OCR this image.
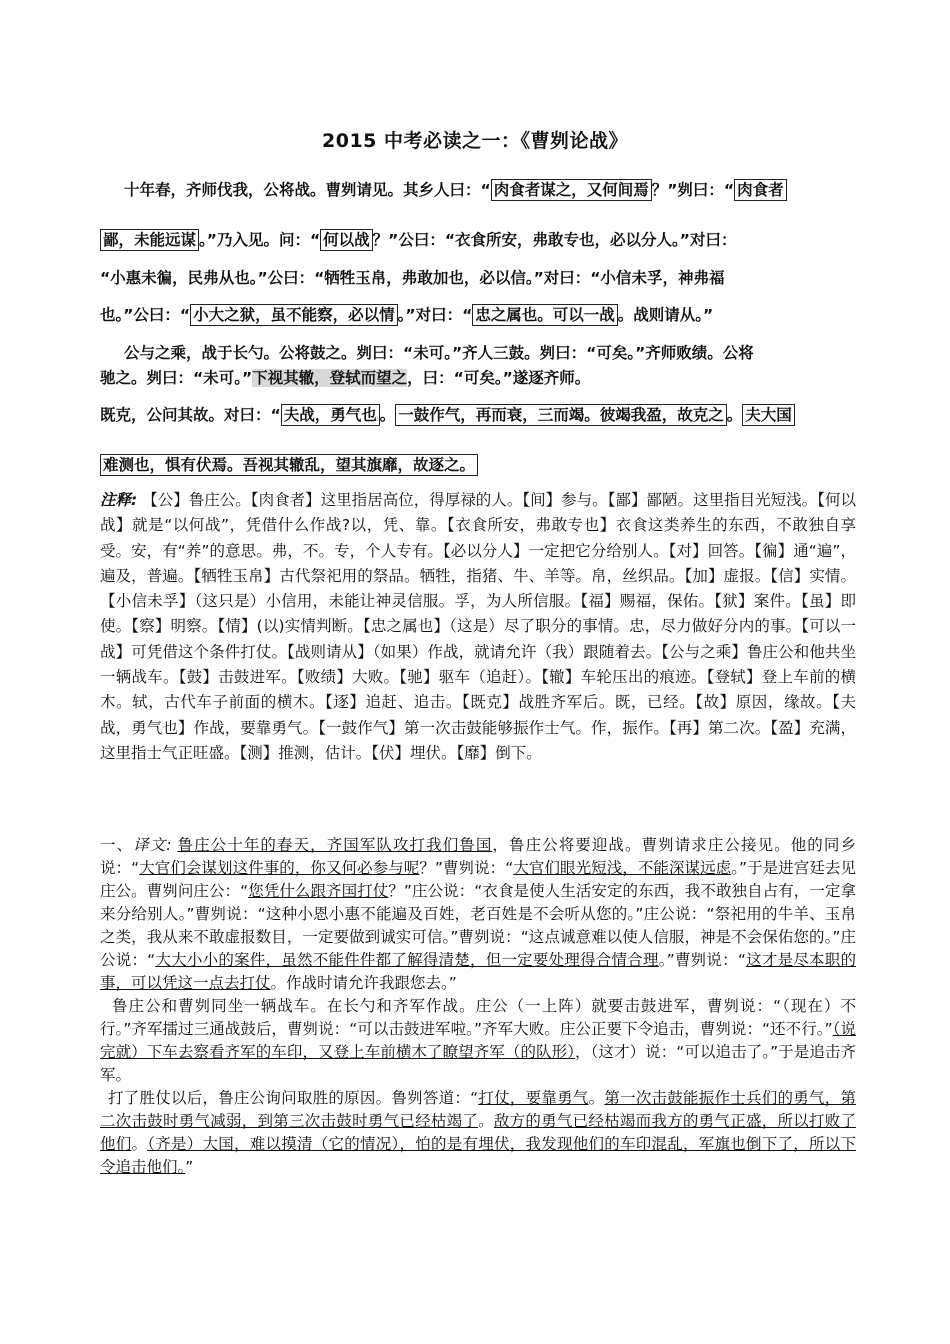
2015 中考必读之一：《曹刿论战》
十年春，齐师伐我，公将战。曹刿请见。其乡人曰：“ 肉食者谋之，又何间焉 ？”刿曰：“ 肉食者
鄙，未能远谋 。”乃入见。问：“ 何以战 ？”公曰：“衣食所安，弗敢专也，必以分人。”对曰：
“小惠未徧，民弗从也。”公曰：“牺牲玉帛，弗敢加也，必以信。”对曰：“小信未孚，神弗福
也。”公曰：“ 小大之狱，虽不能察，必以情 。”对曰：“ 忠之属也。可以一战 。战则请从。”
公与之乘，战于长勺。公将鼓之。刿曰：“未可。”齐人三鼓。刿曰：“可矣。”齐师败绩。公将
驰之。刿曰：“未可。”下视其辙，登轼而望之，曰：“可矣。”遂逐齐师。
既克，公问其故。对曰：“ 夫战，勇气也 。 一鼓作气，再而衰，三而竭。彼竭我盈，故克之 。 夫大国
难测也，惧有伏焉。吾视其辙乱，望其旗靡，故逐之。
注释: 【公】鲁庄公。【肉食者】这里指居高位，得厚禄的人。【间】参与。【鄙】鄙陋。这里指目光短浅。【何以战】就是“以何战”，凭借什么作战?以，凭、靠。【衣食所安，弗敢专也】衣食这类养生的东西，不敢独自享受。安，有“养”的意思。弗，不。专，个人专有。【必以分人】一定把它分给别人。【对】回答。【徧】通“遍”，遍及，普遍。【牺牲玉帛】古代祭祀用的祭品。牺牲，指猪、牛、羊等。帛，丝织品。【加】虚报。【信】实情。【小信未孚】（这只是）小信用，未能让神灵信服。孚，为人所信服。【福】赐福，保佑。【狱】案件。【虽】即使。【察】明察。【情】(以)实情判断。【忠之属也】（这是）尽了职分的事情。忠，尽力做好分内的事。【可以一战】可凭借这个条件打仗。【战则请从】（如果）作战，就请允许（我）跟随着去。【公与之乘】鲁庄公和他共坐一辆战车。【鼓】击鼓进军。【败绩】大败。【驰】驱车（追赶）。【辙】车轮压出的痕迹。【登轼】登上车前的横木。轼，古代车子前面的横木。【逐】追赶、追击。【既克】战胜齐军后。既，已经。【故】原因，缘故。【夫战，勇气也】作战，要靠勇气。【一鼓作气】第一次击鼓能够振作士气。作，振作。【再】第二次。【盈】充满，这里指士气正旺盛。【测】推测，估计。【伏】埋伏。【靡】倒下。

一、译文: 鲁庄公十年的春天，齐国军队攻打我们鲁国，鲁庄公将要迎战。曹刿请求庄公接见。他的同乡说：“大官们会谋划这件事的，你又何必参与呢？”曹刿说：“大官们眼光短浅，不能深谋远虑。”于是进宫廷去见庄公。曹刿问庄公：“您凭什么跟齐国打仗？”庄公说：“衣食是使人生活安定的东西，我不敢独自占有，一定拿来分给别人。”曹刿说：“这种小恩小惠不能遍及百姓，老百姓是不会听从您的。”庄公说：“祭祀用的牛羊、玉帛之类，我从来不敢虚报数目，一定要做到诚实可信。”曹刿说：“这点诚意难以使人信服，神是不会保佑您的。”庄公说：“大大小小的案件，虽然不能件件都了解得清楚，但一定要处理得合情合理。”曹刿说：“这才是尽本职的事，可以凭这一点去打仗。作战时请允许我跟您去。”

鲁庄公和曹刿同坐一辆战车。在长勺和齐军作战。庄公（一上阵）就要击鼓进军，曹刿说：“（现在）不行。”齐军擂过三通战鼓后，曹刿说：“可以击鼓进军啦。”齐军大败。庄公正要下令追击，曹刿说：“还不行。”（说完就）下车去察看齐军的车印，又登上车前横木了瞭望齐军（的队形），（这才）说：“可以追击了。”于是追击齐军。

打了胜仗以后，鲁庄公询问取胜的原因。鲁刿答道：“打仗，要靠勇气。第一次击鼓能振作士兵们的勇气，第二次击鼓时勇气减弱，到第三次击鼓时勇气已经枯竭了。敌方的勇气已经枯竭而我方的勇气正盛，所以打败了他们。（齐是）大国，难以摸清（它的情况），怕的是有埋伏，我发现他们的车印混乱，军旗也倒下了，所以下令追击他们。”
